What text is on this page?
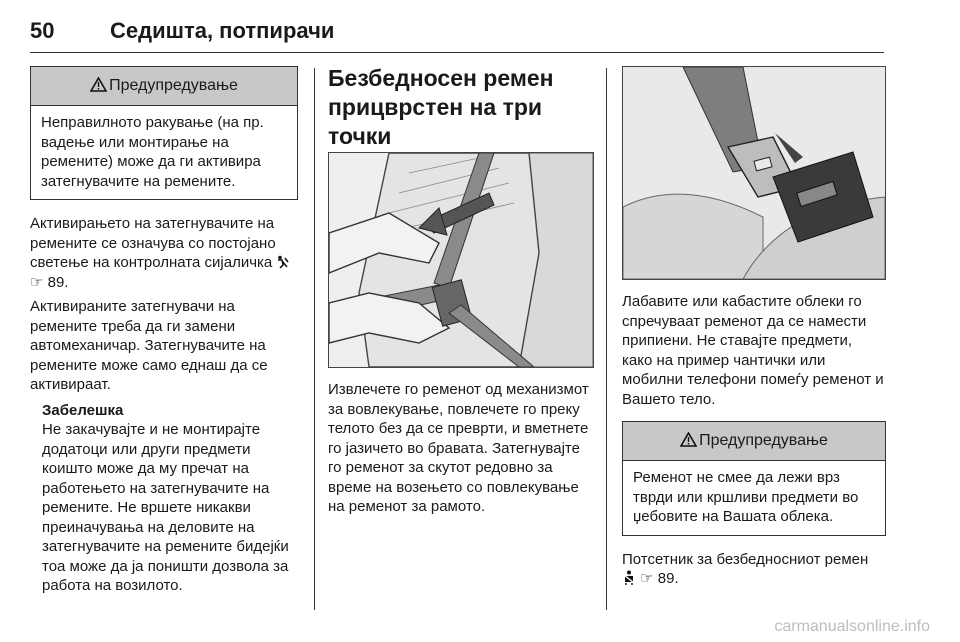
50	Седишта, потпирачи
Предупредување
Неправилното ракување (на пр. вадење или монтирање на ремените) може да ги активира затегнувачите на ремените.

Активирањето на затегнувачите на ремените се означува со постојано светење на контролната сијаличка  ☞ 89.

Активираните затегнувачи на ремените треба да ги замени автомеханичар. Затегнувачите на ремените може само еднаш да се активираат.

Забелешка
Не закачувајте и не монтирајте додатоци или други предмети коишто може да му пречат на работењето на затегнувачите на ремените. Не вршете никакви преиначувања на деловите на затегнувачите на ремените бидејќи тоа може да ја поништи дозвола за работа на возилото.
Безбедносен ремен прицврстен на три точки

Извлечете го ременот од механизмот за вовлекување, повлечете го преку телото без да се преврти, и вметнете го јазичето во бравата. Затегнувајте го ременот за скутот редовно за време на возењето со повлекување на ременот за рамото.

Лабавите или кабастите облеки го спречуваат ременот да се намести припиени. Не ставајте предмети, како на пример чантички или мобилни телефони помеѓу ременот и Вашето тело.

Предупредување
Ременот не смее да лежи врз тврди или кршливи предмети во џебовите на Вашата облека.

Потсетник за безбедносниот ремен  ☞ 89.

carmanualsonline.info
